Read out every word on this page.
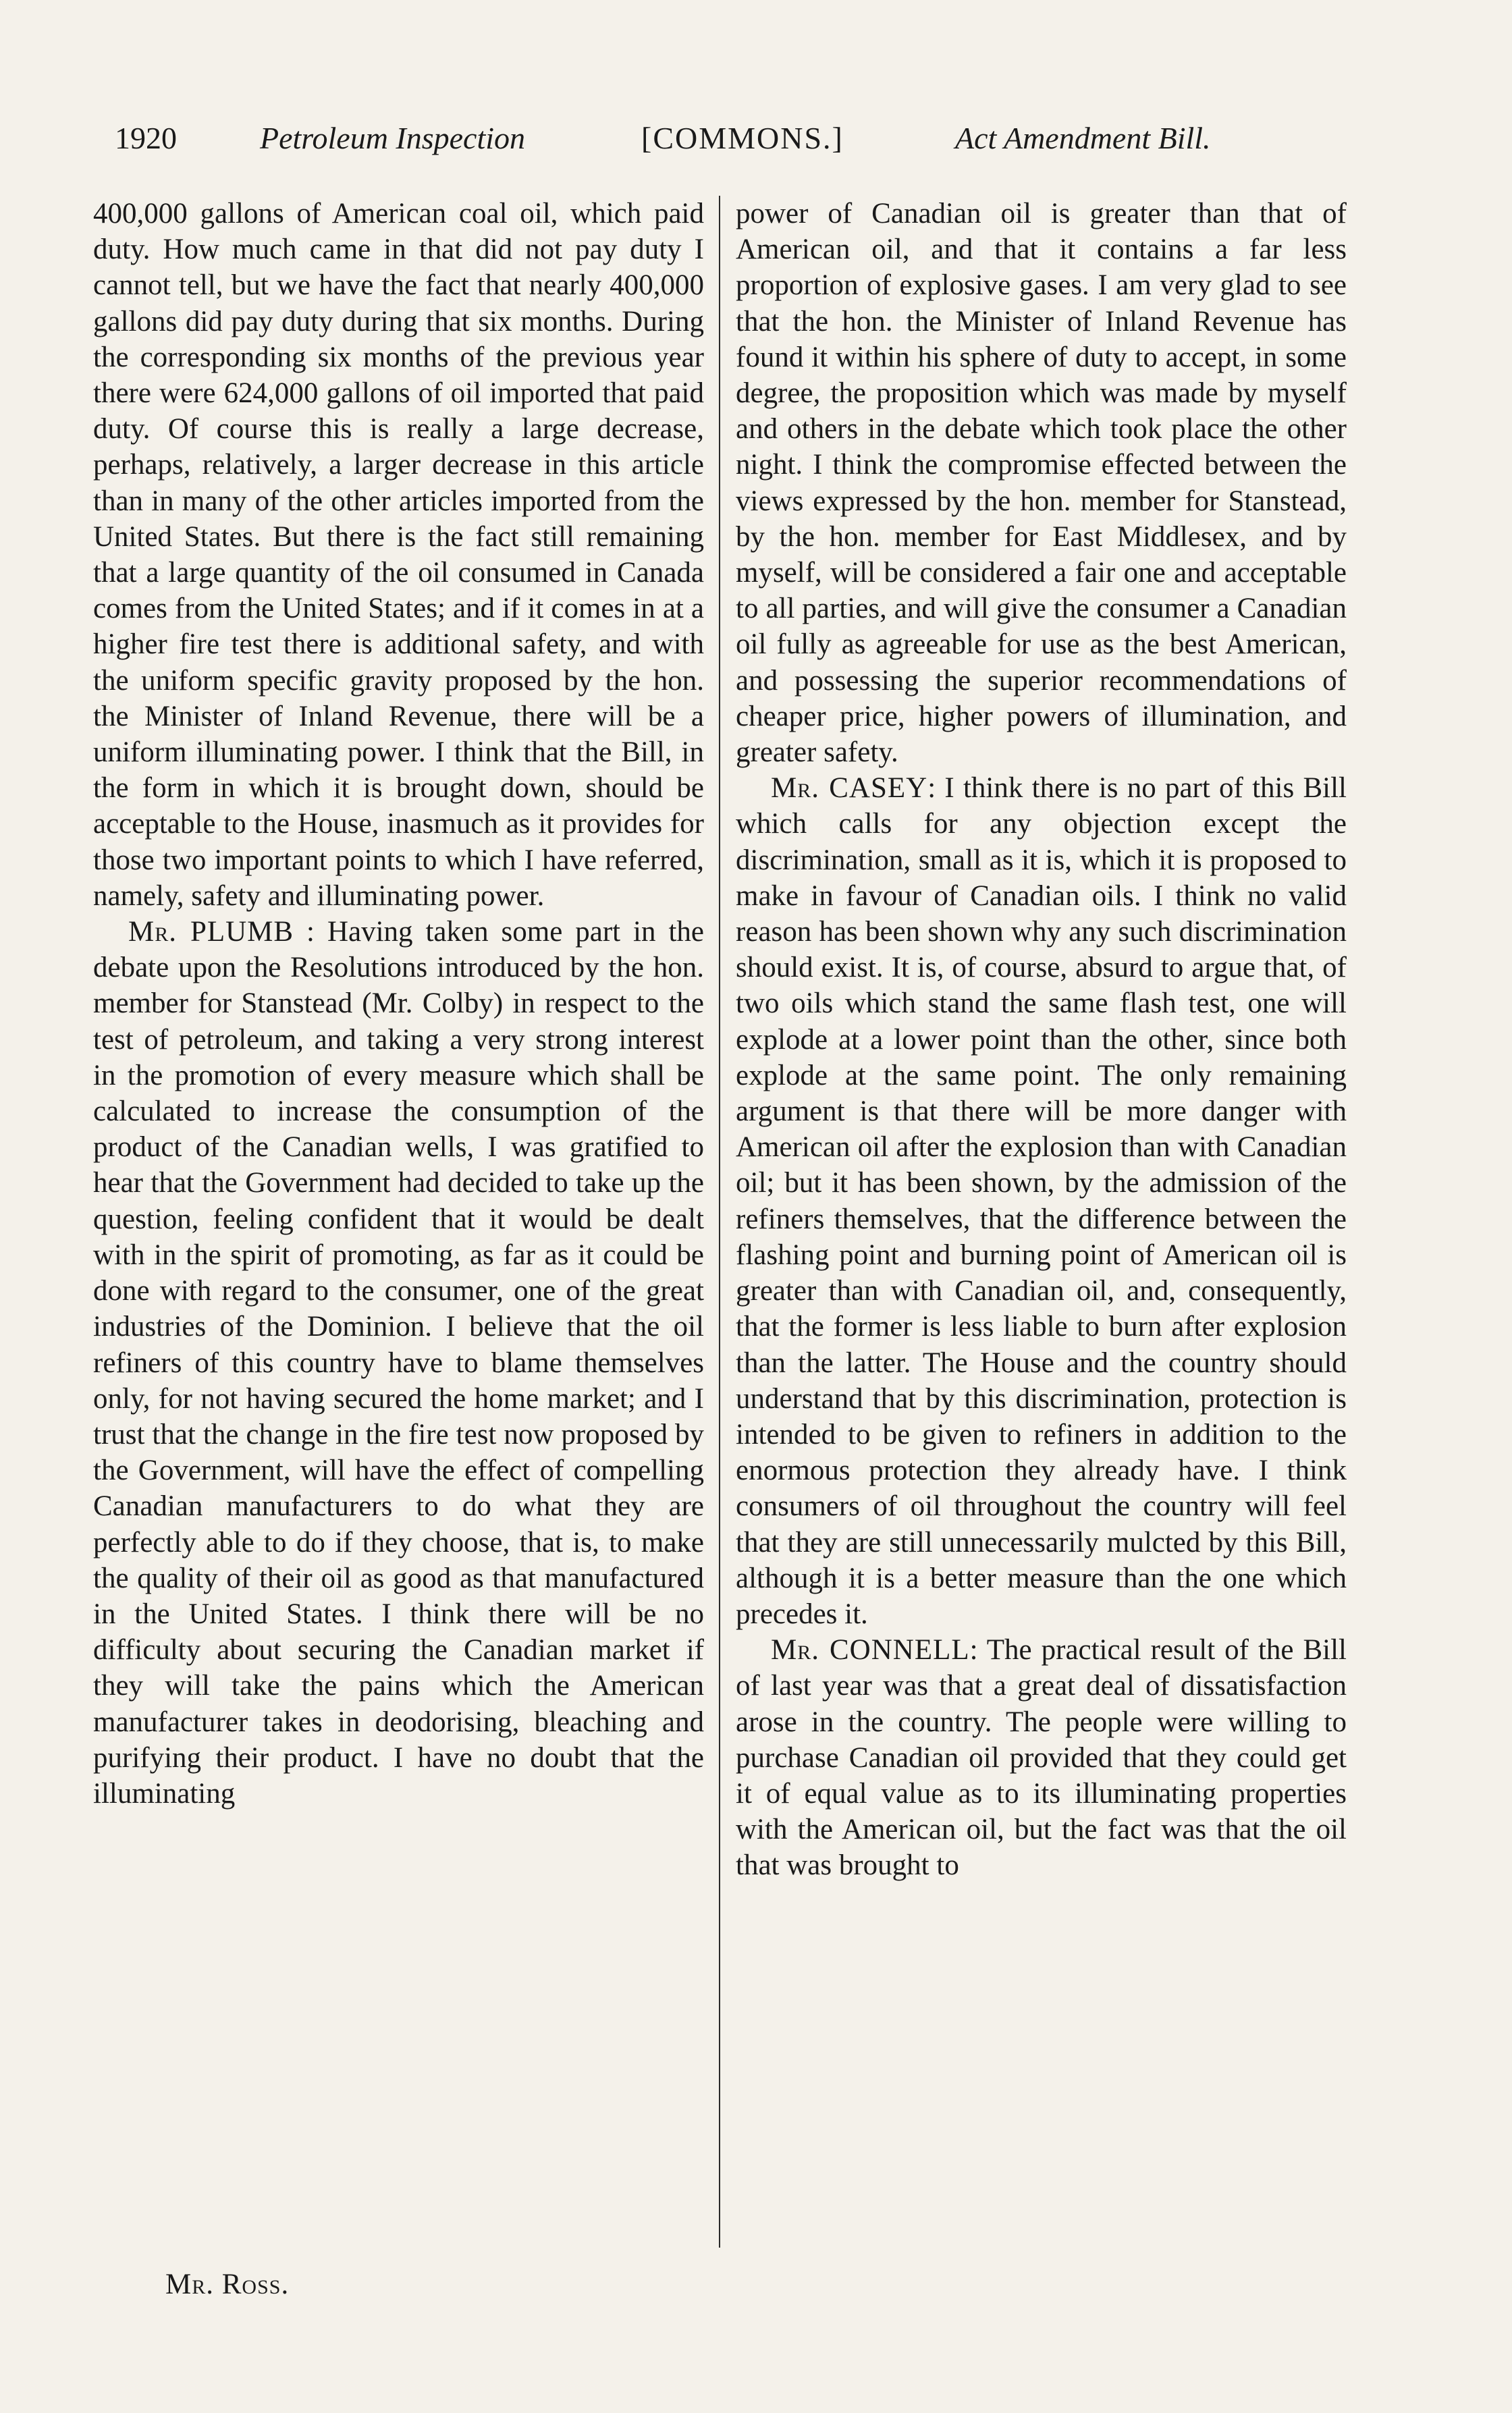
1920	Petroleum Inspection	[COMMONS.]	Act Amendment Bill.

400,000 gallons of American coal oil, which paid duty. How much came in that did not pay duty I cannot tell, but we have the fact that nearly 400,000 gallons did pay duty during that six months. During the corresponding six months of the previous year there were 624,000 gallons of oil imported that paid duty. Of course this is really a large decrease, perhaps, relatively, a larger decrease in this article than in many of the other articles imported from the United States. But there is the fact still remaining that a large quantity of the oil consumed in Canada comes from the United States; and if it comes in at a higher fire test there is additional safety, and with the uniform specific gravity proposed by the hon. the Minister of Inland Revenue, there will be a uniform illuminating power. I think that the Bill, in the form in which it is brought down, should be acceptable to the House, inasmuch as it provides for those two important points to which I have referred, namely, safety and illuminating power.

Mr. PLUMB : Having taken some part in the debate upon the Resolutions introduced by the hon. member for Stanstead (Mr. Colby) in respect to the test of petroleum, and taking a very strong interest in the promotion of every measure which shall be calculated to increase the consumption of the product of the Canadian wells, I was gratified to hear that the Government had decided to take up the question, feeling confident that it would be dealt with in the spirit of promoting, as far as it could be done with regard to the consumer, one of the great industries of the Dominion. I believe that the oil refiners of this country have to blame themselves only, for not having secured the home market; and I trust that the change in the fire test now proposed by the Government, will have the effect of compelling Canadian manufacturers to do what they are perfectly able to do if they choose, that is, to make the quality of their oil as good as that manufactured in the United States. I think there will be no difficulty about securing the Canadian market if they will take the pains which the American manufacturer takes in deodorising, bleaching and purifying their product. I have no doubt that the illuminating

power of Canadian oil is greater than that of American oil, and that it contains a far less proportion of explosive gases. I am very glad to see that the hon. the Minister of Inland Revenue has found it within his sphere of duty to accept, in some degree, the proposition which was made by myself and others in the debate which took place the other night. I think the compromise effected between the views expressed by the hon. member for Stanstead, by the hon. member for East Middlesex, and by myself, will be considered a fair one and acceptable to all parties, and will give the consumer a Canadian oil fully as agreeable for use as the best American, and possessing the superior recommendations of cheaper price, higher powers of illumination, and greater safety.

Mr. CASEY: I think there is no part of this Bill which calls for any objection except the discrimination, small as it is, which it is proposed to make in favour of Canadian oils. I think no valid reason has been shown why any such discrimination should exist. It is, of course, absurd to argue that, of two oils which stand the same flash test, one will explode at a lower point than the other, since both explode at the same point. The only remaining argument is that there will be more danger with American oil after the explosion than with Canadian oil; but it has been shown, by the admission of the refiners themselves, that the difference between the flashing point and burning point of American oil is greater than with Canadian oil, and, consequently, that the former is less liable to burn after explosion than the latter. The House and the country should understand that by this discrimination, protection is intended to be given to refiners in addition to the enormous protection they already have. I think consumers of oil throughout the country will feel that they are still unnecessarily mulcted by this Bill, although it is a better measure than the one which precedes it.

Mr. CONNELL: The practical result of the Bill of last year was that a great deal of dissatisfaction arose in the country. The people were willing to purchase Canadian oil provided that they could get it of equal value as to its illuminating properties with the American oil, but the fact was that the oil that was brought to

Mr. Ross.
